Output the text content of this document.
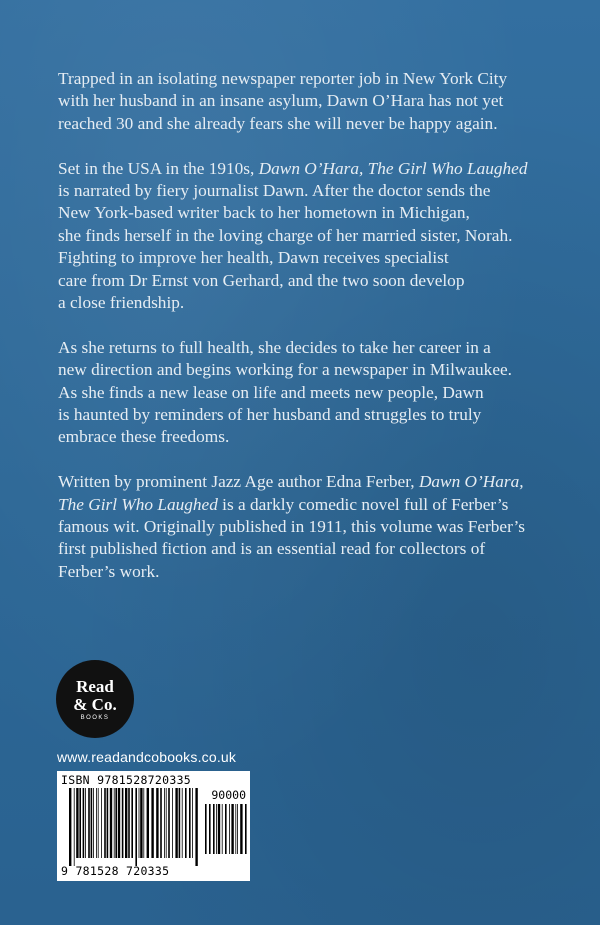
Trapped in an isolating newspaper reporter job in New York City
with her husband in an insane asylum, Dawn O’Hara has not yet
reached 30 and she already fears she will never be happy again.

Set in the USA in the 1910s, Dawn O’Hara, The Girl Who Laughed
is narrated by fiery journalist Dawn. After the doctor sends the
New York-based writer back to her hometown in Michigan,
she finds herself in the loving charge of her married sister, Norah.
Fighting to improve her health, Dawn receives specialist
care from Dr Ernst von Gerhard, and the two soon develop
a close friendship.

As she returns to full health, she decides to take her career in a
new direction and begins working for a newspaper in Milwaukee.
As she finds a new lease on life and meets new people, Dawn
is haunted by reminders of her husband and struggles to truly
embrace these freedoms.

Written by prominent Jazz Age author Edna Ferber, Dawn O’Hara,
The Girl Who Laughed is a darkly comedic novel full of Ferber’s
famous wit. Originally published in 1911, this volume was Ferber’s
first published fiction and is an essential read for collectors of
Ferber’s work.

Read
& Co.
BOOKS
www.readandcobooks.co.uk
ISBN 9781528720335
90000
9 781528 720335
